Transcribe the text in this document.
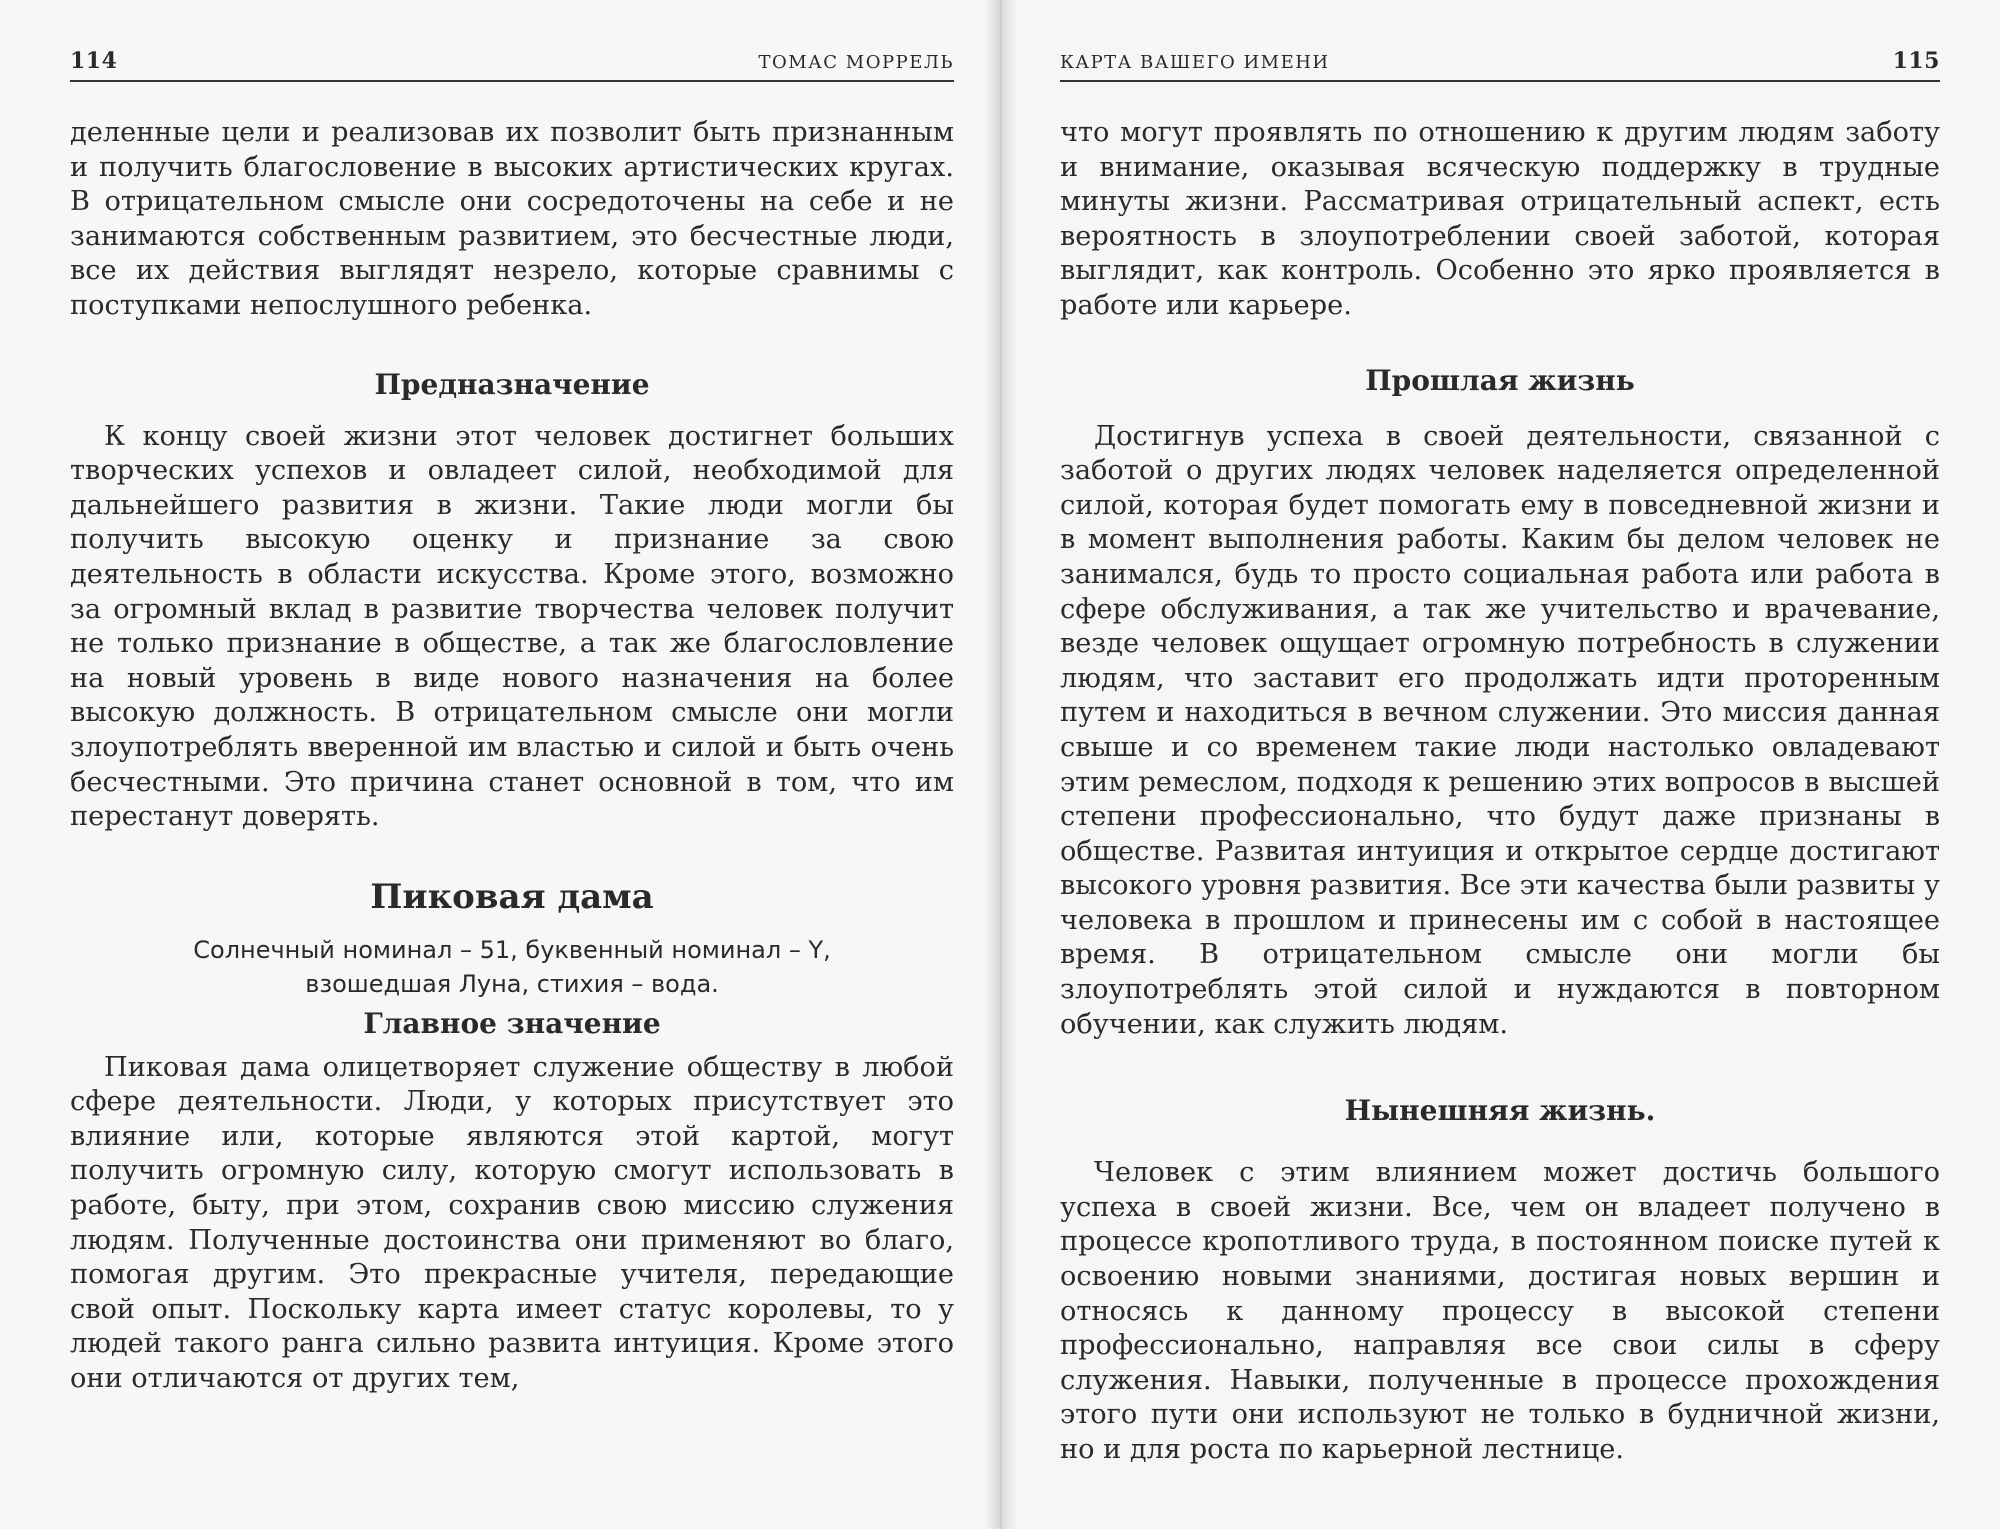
114	ТОМАС МОРРЕЛЬ

деленные цели и реализовав их позволит быть признанным и получить благословение в высоких артистических кругах. В отрицательном смысле они сосредоточены на себе и не занимаются собственным развитием, это бесчестные люди, все их действия выглядят незрело, которые сравнимы с поступками непослушного ребенка.

Предназначение

К концу своей жизни этот человек достигнет больших творческих успехов и овладеет силой, необходимой для дальнейшего развития в жизни. Такие люди могли бы получить высокую оценку и признание за свою деятельность в области искусства. Кроме этого, возможно за огромный вклад в развитие творчества человек получит не только признание в обществе, а так же благословление на новый уровень в виде нового назначения на более высокую должность. В отрицательном смысле они могли злоупотреблять вверенной им властью и силой и быть очень бесчестными. Это причина станет основной в том, что им перестанут доверять.

Пиковая дама
Солнечный номинал – 51, буквенный номинал – Y,
взошедшая Луна, стихия – вода.
Главное значение

Пиковая дама олицетворяет служение обществу в любой сфере деятельности. Люди, у которых присутствует это влияние или, которые являются этой картой, могут получить огромную силу, которую смогут использовать в работе, быту, при этом, сохранив свою миссию служения людям. Полученные достоинства они применяют во благо, помогая другим. Это прекрасные учителя, передающие свой опыт. Поскольку карта имеет статус королевы, то у людей такого ранга сильно развита интуиция. Кроме этого они отличаются от других тем,

КАРТА ВАШЕГО ИМЕНИ	115

что могут проявлять по отношению к другим людям заботу и внимание, оказывая всяческую поддержку в трудные минуты жизни. Рассматривая отрицательный аспект, есть вероятность в злоупотреблении своей заботой, которая выглядит, как контроль. Особенно это ярко проявляется в работе или карьере.

Прошлая жизнь

Достигнув успеха в своей деятельности, связанной с заботой о других людях человек наделяется определенной силой, которая будет помогать ему в повседневной жизни и в момент выполнения работы. Каким бы делом человек не занимался, будь то просто социальная работа или работа в сфере обслуживания, а так же учительство и врачевание, везде человек ощущает огромную потребность в служении людям, что заставит его продолжать идти проторенным путем и находиться в вечном служении. Это миссия данная свыше и со временем такие люди настолько овладевают этим ремеслом, подходя к решению этих вопросов в высшей степени профессионально, что будут даже признаны в обществе. Развитая интуиция и открытое сердце достигают высокого уровня развития. Все эти качества были развиты у человека в прошлом и принесены им с собой в настоящее время. В отрицательном смысле они могли бы злоупотреблять этой силой и нуждаются в повторном обучении, как служить людям.

Нынешняя жизнь.

Человек с этим влиянием может достичь большого успеха в своей жизни. Все, чем он владеет получено в процессе кропотливого труда, в постоянном поиске путей к освоению новыми знаниями, достигая новых вершин и относясь к данному процессу в высокой степени профессионально, направляя все свои силы в сферу служения. Навыки, полученные в процессе прохождения этого пути они используют не только в будничной жизни, но и для роста по карьерной лестнице.
